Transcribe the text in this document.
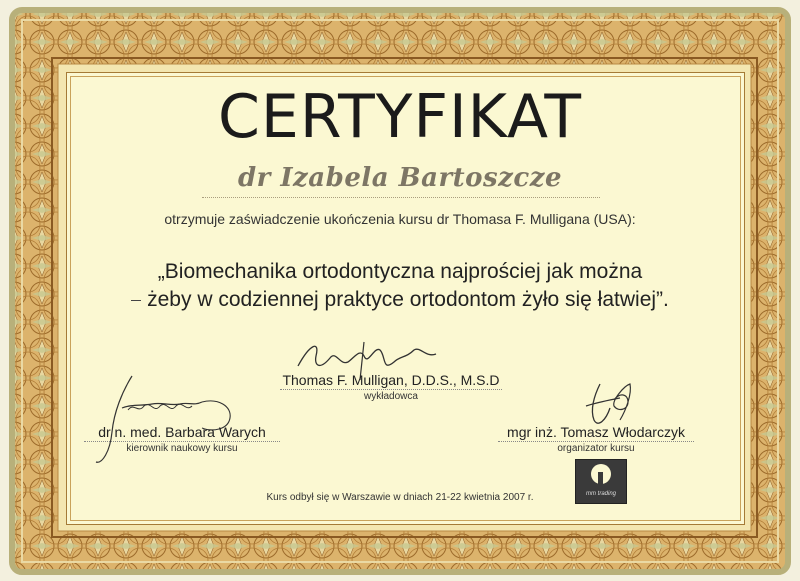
CERTYFIKAT
dr Izabela Bartoszcze
otrzymuje zaświadczenie ukończenia kursu dr Thomasa F. Mulligana (USA):
„Biomechanika ortodontyczna najprościej jak można
żeby w codziennej praktyce ortodontom żyło się łatwiej”.
Thomas F. Mulligan, D.D.S., M.S.D
wykładowca
dr n. med. Barbara Warych
kierownik naukowy kursu
mgr inż. Tomasz Włodarczyk
organizator kursu
Kurs odbył się w Warszawie w dniach 21-22 kwietnia 2007 r.	mm trading
